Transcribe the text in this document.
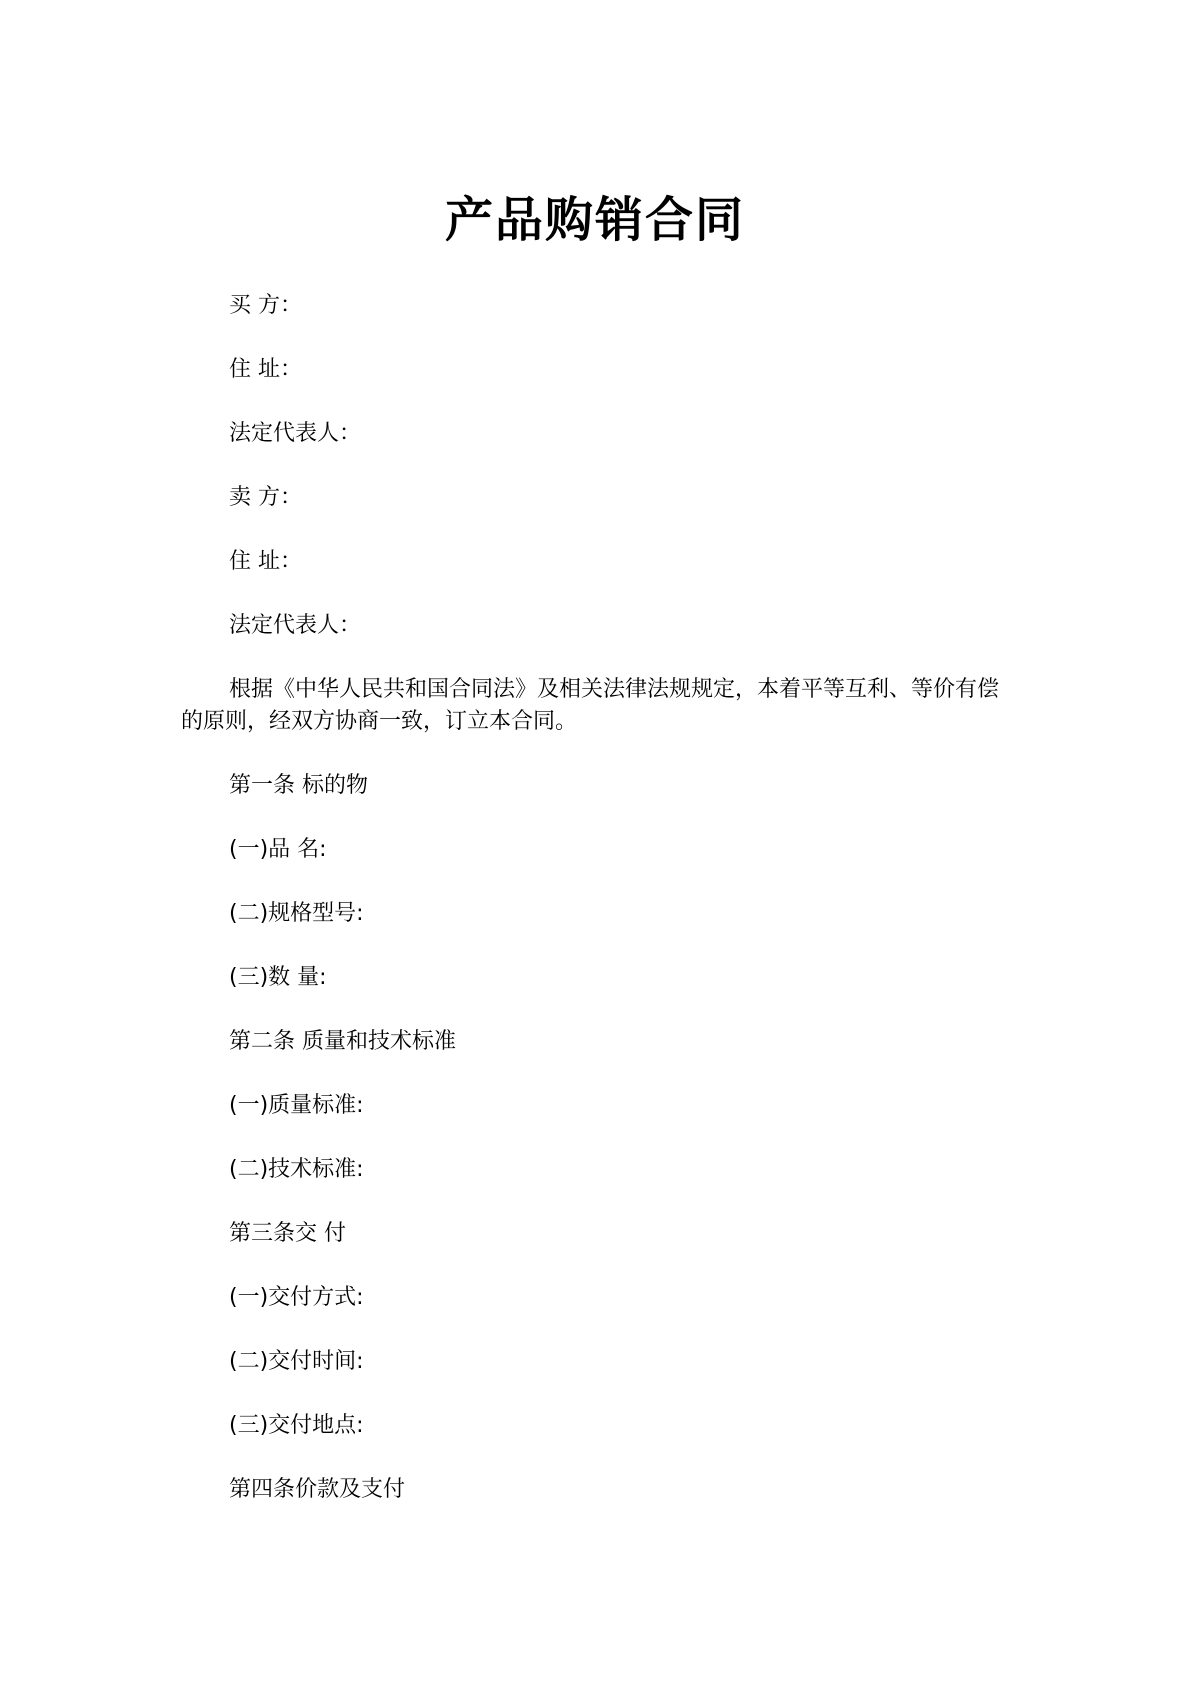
产品购销合同
买 方：
住 址：
法定代表人：
卖 方：
住 址：
法定代表人：
根据《中华人民共和国合同法》及相关法律法规规定，本着平等互利、等价有偿的原则，经双方协商一致，订立本合同。
第一条 标的物
(一)品 名:
(二)规格型号:
(三)数 量:
第二条 质量和技术标准
(一)质量标准:
(二)技术标准:
第三条交 付
(一)交付方式:
(二)交付时间:
(三)交付地点:
第四条价款及支付
